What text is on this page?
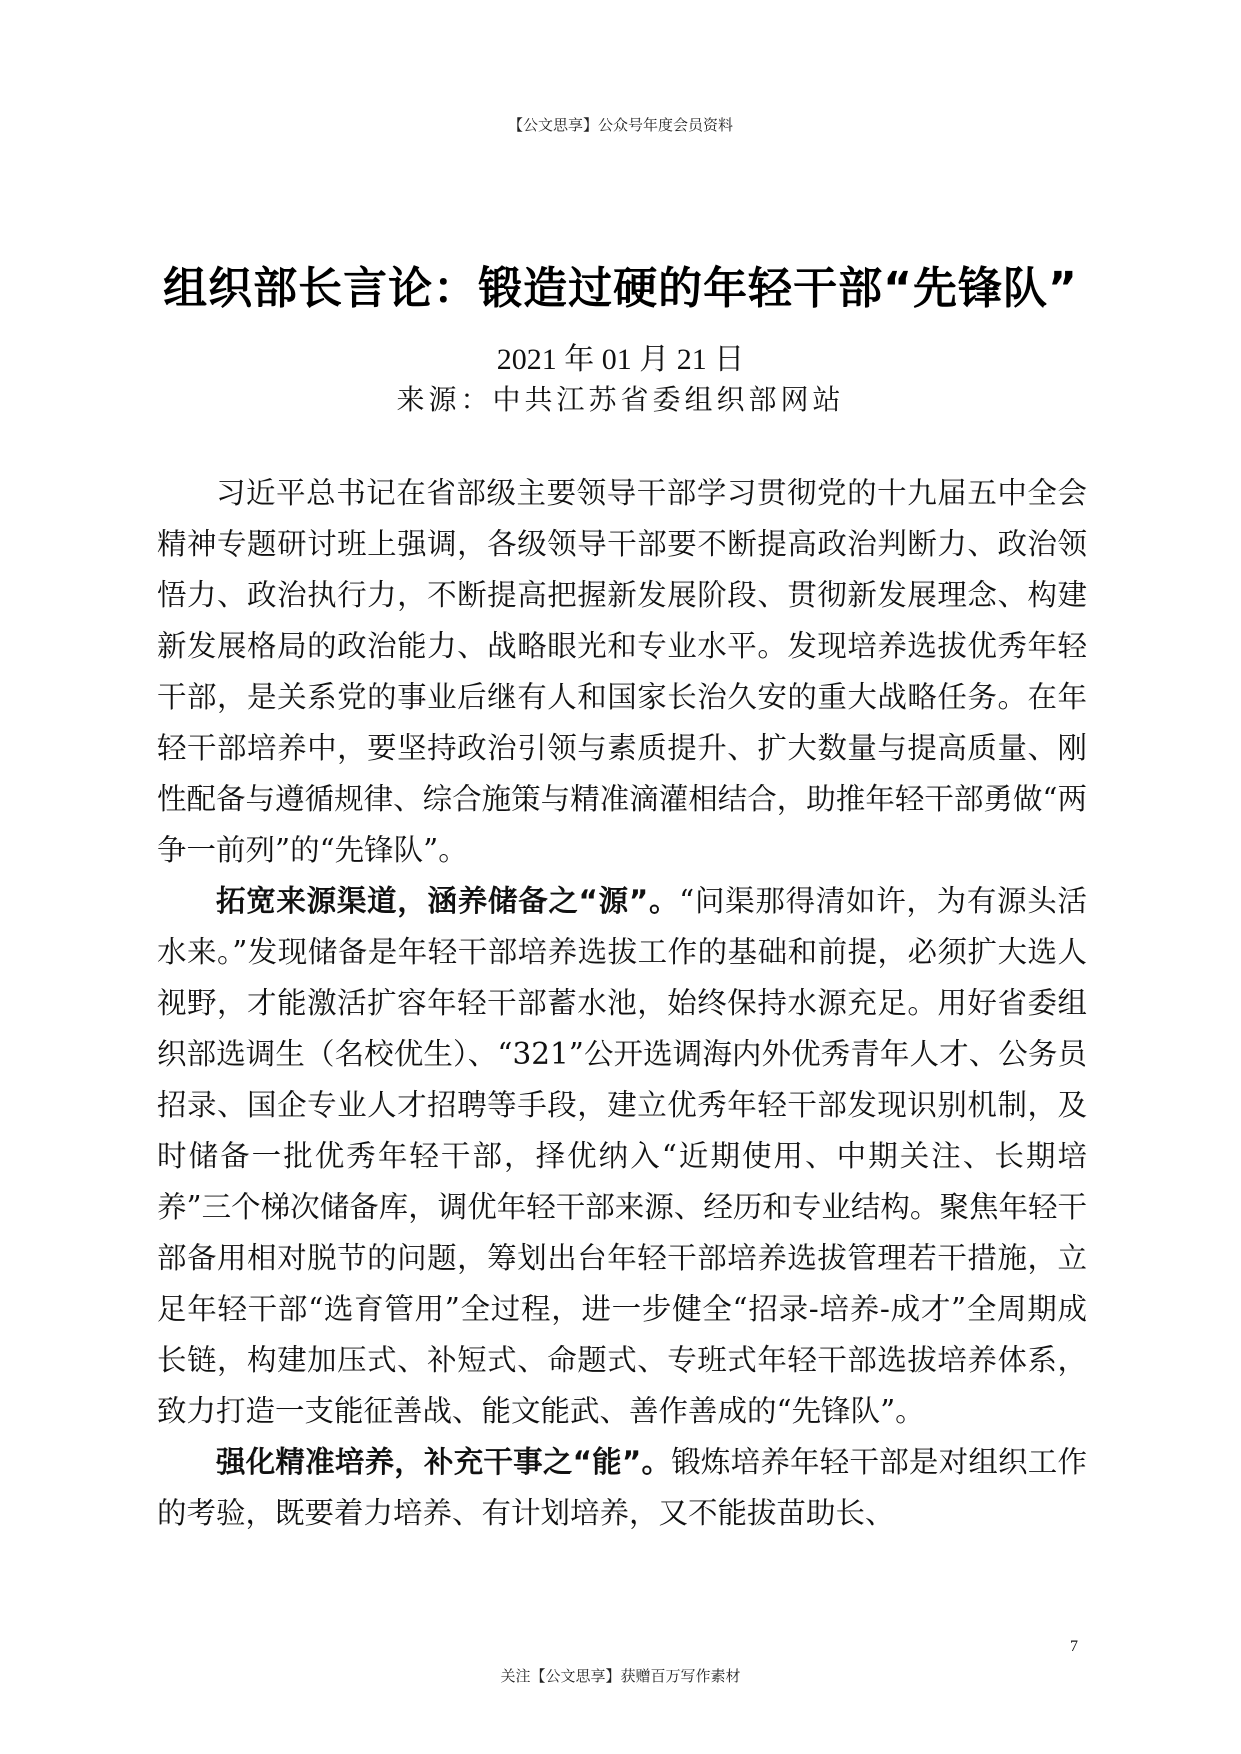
【公文思享】公众号年度会员资料
组织部长言论：锻造过硬的年轻干部“先锋队”
2021 年 01 月 21 日
来源：中共江苏省委组织部网站

习近平总书记在省部级主要领导干部学习贯彻党的十九届五中全会精神专题研讨班上强调，各级领导干部要不断提高政治判断力、政治领悟力、政治执行力，不断提高把握新发展阶段、贯彻新发展理念、构建新发展格局的政治能力、战略眼光和专业水平。发现培养选拔优秀年轻干部，是关系党的事业后继有人和国家长治久安的重大战略任务。在年轻干部培养中，要坚持政治引领与素质提升、扩大数量与提高质量、刚性配备与遵循规律、综合施策与精准滴灌相结合，助推年轻干部勇做“两争一前列”的“先锋队”。

拓宽来源渠道，涵养储备之“源”。“问渠那得清如许，为有源头活水来。”发现储备是年轻干部培养选拔工作的基础和前提，必须扩大选人视野，才能激活扩容年轻干部蓄水池，始终保持水源充足。用好省委组织部选调生（名校优生）、“321”公开选调海内外优秀青年人才、公务员招录、国企专业人才招聘等手段，建立优秀年轻干部发现识别机制，及时储备一批优秀年轻干部，择优纳入“近期使用、中期关注、长期培养”三个梯次储备库，调优年轻干部来源、经历和专业结构。聚焦年轻干部备用相对脱节的问题，筹划出台年轻干部培养选拔管理若干措施，立足年轻干部“选育管用”全过程，进一步健全“招录-培养-成才”全周期成长链，构建加压式、补短式、命题式、专班式年轻干部选拔培养体系，致力打造一支能征善战、能文能武、善作善成的“先锋队”。

强化精准培养，补充干事之“能”。锻炼培养年轻干部是对组织工作的考验，既要着力培养、有计划培养，又不能拔苗助长、

7
关注【公文思享】获赠百万写作素材
